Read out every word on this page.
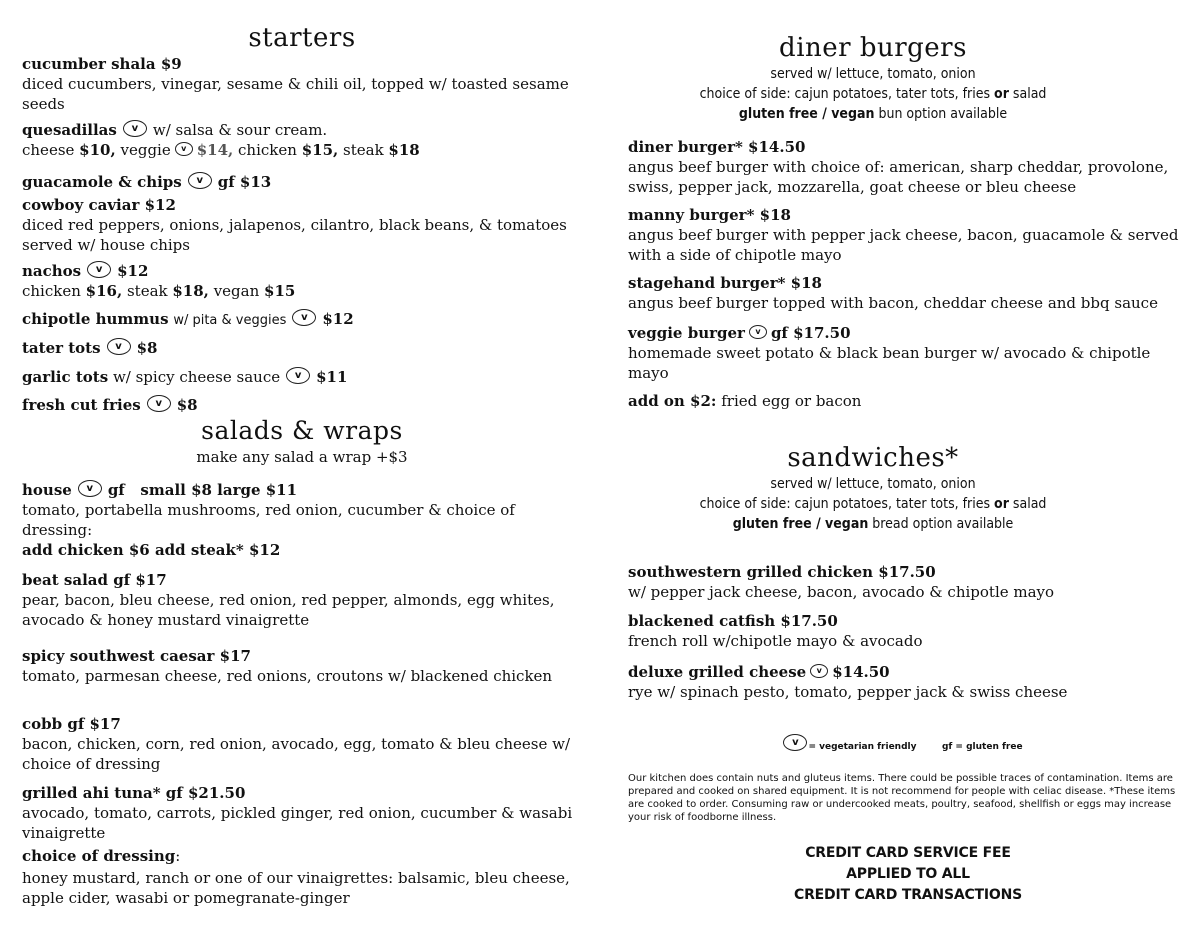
starters
cucumber shala $9
diced cucumbers, vinegar, sesame & chili oil, topped w/ toasted sesame seeds
quesadillas v w/ salsa & sour cream.
cheese $10, veggie v $14, chicken $15, steak $18
guacamole & chips v gf $13
cowboy caviar $12
diced red peppers, onions, jalapenos, cilantro, black beans, & tomatoes served w/ house chips
nachos v $12
chicken $16, steak $18, vegan $15
chipotle hummus w/ pita & veggies v $12
tater tots v $8
garlic tots w/ spicy cheese sauce v $11
fresh cut fries v $8
salads & wraps
make any salad a wrap +$3
house v gf   small $8 large $11
tomato, portabella mushrooms, red onion, cucumber & choice of dressing:
add chicken $6 add steak* $12
beat salad gf $17
pear, bacon, bleu cheese, red onion, red pepper, almonds, egg whites, avocado & honey mustard vinaigrette
spicy southwest caesar $17
tomato, parmesan cheese, red onions, croutons w/ blackened chicken
cobb gf $17
bacon, chicken, corn, red onion, avocado, egg, tomato & bleu cheese w/ choice of dressing
grilled ahi tuna* gf $21.50
avocado, tomato, carrots, pickled ginger, red onion, cucumber & wasabi vinaigrette
choice of dressing:
honey mustard, ranch or one of our vinaigrettes: balsamic, bleu cheese, apple cider, wasabi or pomegranate-ginger
diner burgers
served w/ lettuce, tomato, onion
choice of side: cajun potatoes, tater tots, fries or salad
gluten free / vegan bun option available
diner burger* $14.50
angus beef burger with choice of: american, sharp cheddar, provolone, swiss, pepper jack, mozzarella, goat cheese or bleu cheese
manny burger* $18
angus beef burger with pepper jack cheese, bacon, guacamole & served with a side of chipotle mayo
stagehand burger* $18
angus beef burger topped with bacon, cheddar cheese and bbq sauce
veggie burger v gf $17.50
homemade sweet potato & black bean burger w/ avocado & chipotle mayo
add on $2: fried egg or bacon
sandwiches*
served w/ lettuce, tomato, onion
choice of side: cajun potatoes, tater tots, fries or salad
gluten free / vegan bread option available
southwestern grilled chicken $17.50
w/ pepper jack cheese, bacon, avocado & chipotle mayo
blackened catfish $17.50
french roll w/chipotle mayo & avocado
deluxe grilled cheese v $14.50
rye w/ spinach pesto, tomato, pepper jack & swiss cheese
v = vegetarian friendly	gf = gluten free
Our kitchen does contain nuts and gluteus items. There could be possible traces of contamination. Items are prepared and cooked on shared equipment. It is not recommend for people with celiac disease. *These items are cooked to order. Consuming raw or undercooked meats, poultry, seafood, shellfish or eggs may increase your risk of foodborne illness.
CREDIT CARD SERVICE FEE
APPLIED TO ALL
CREDIT CARD TRANSACTIONS
